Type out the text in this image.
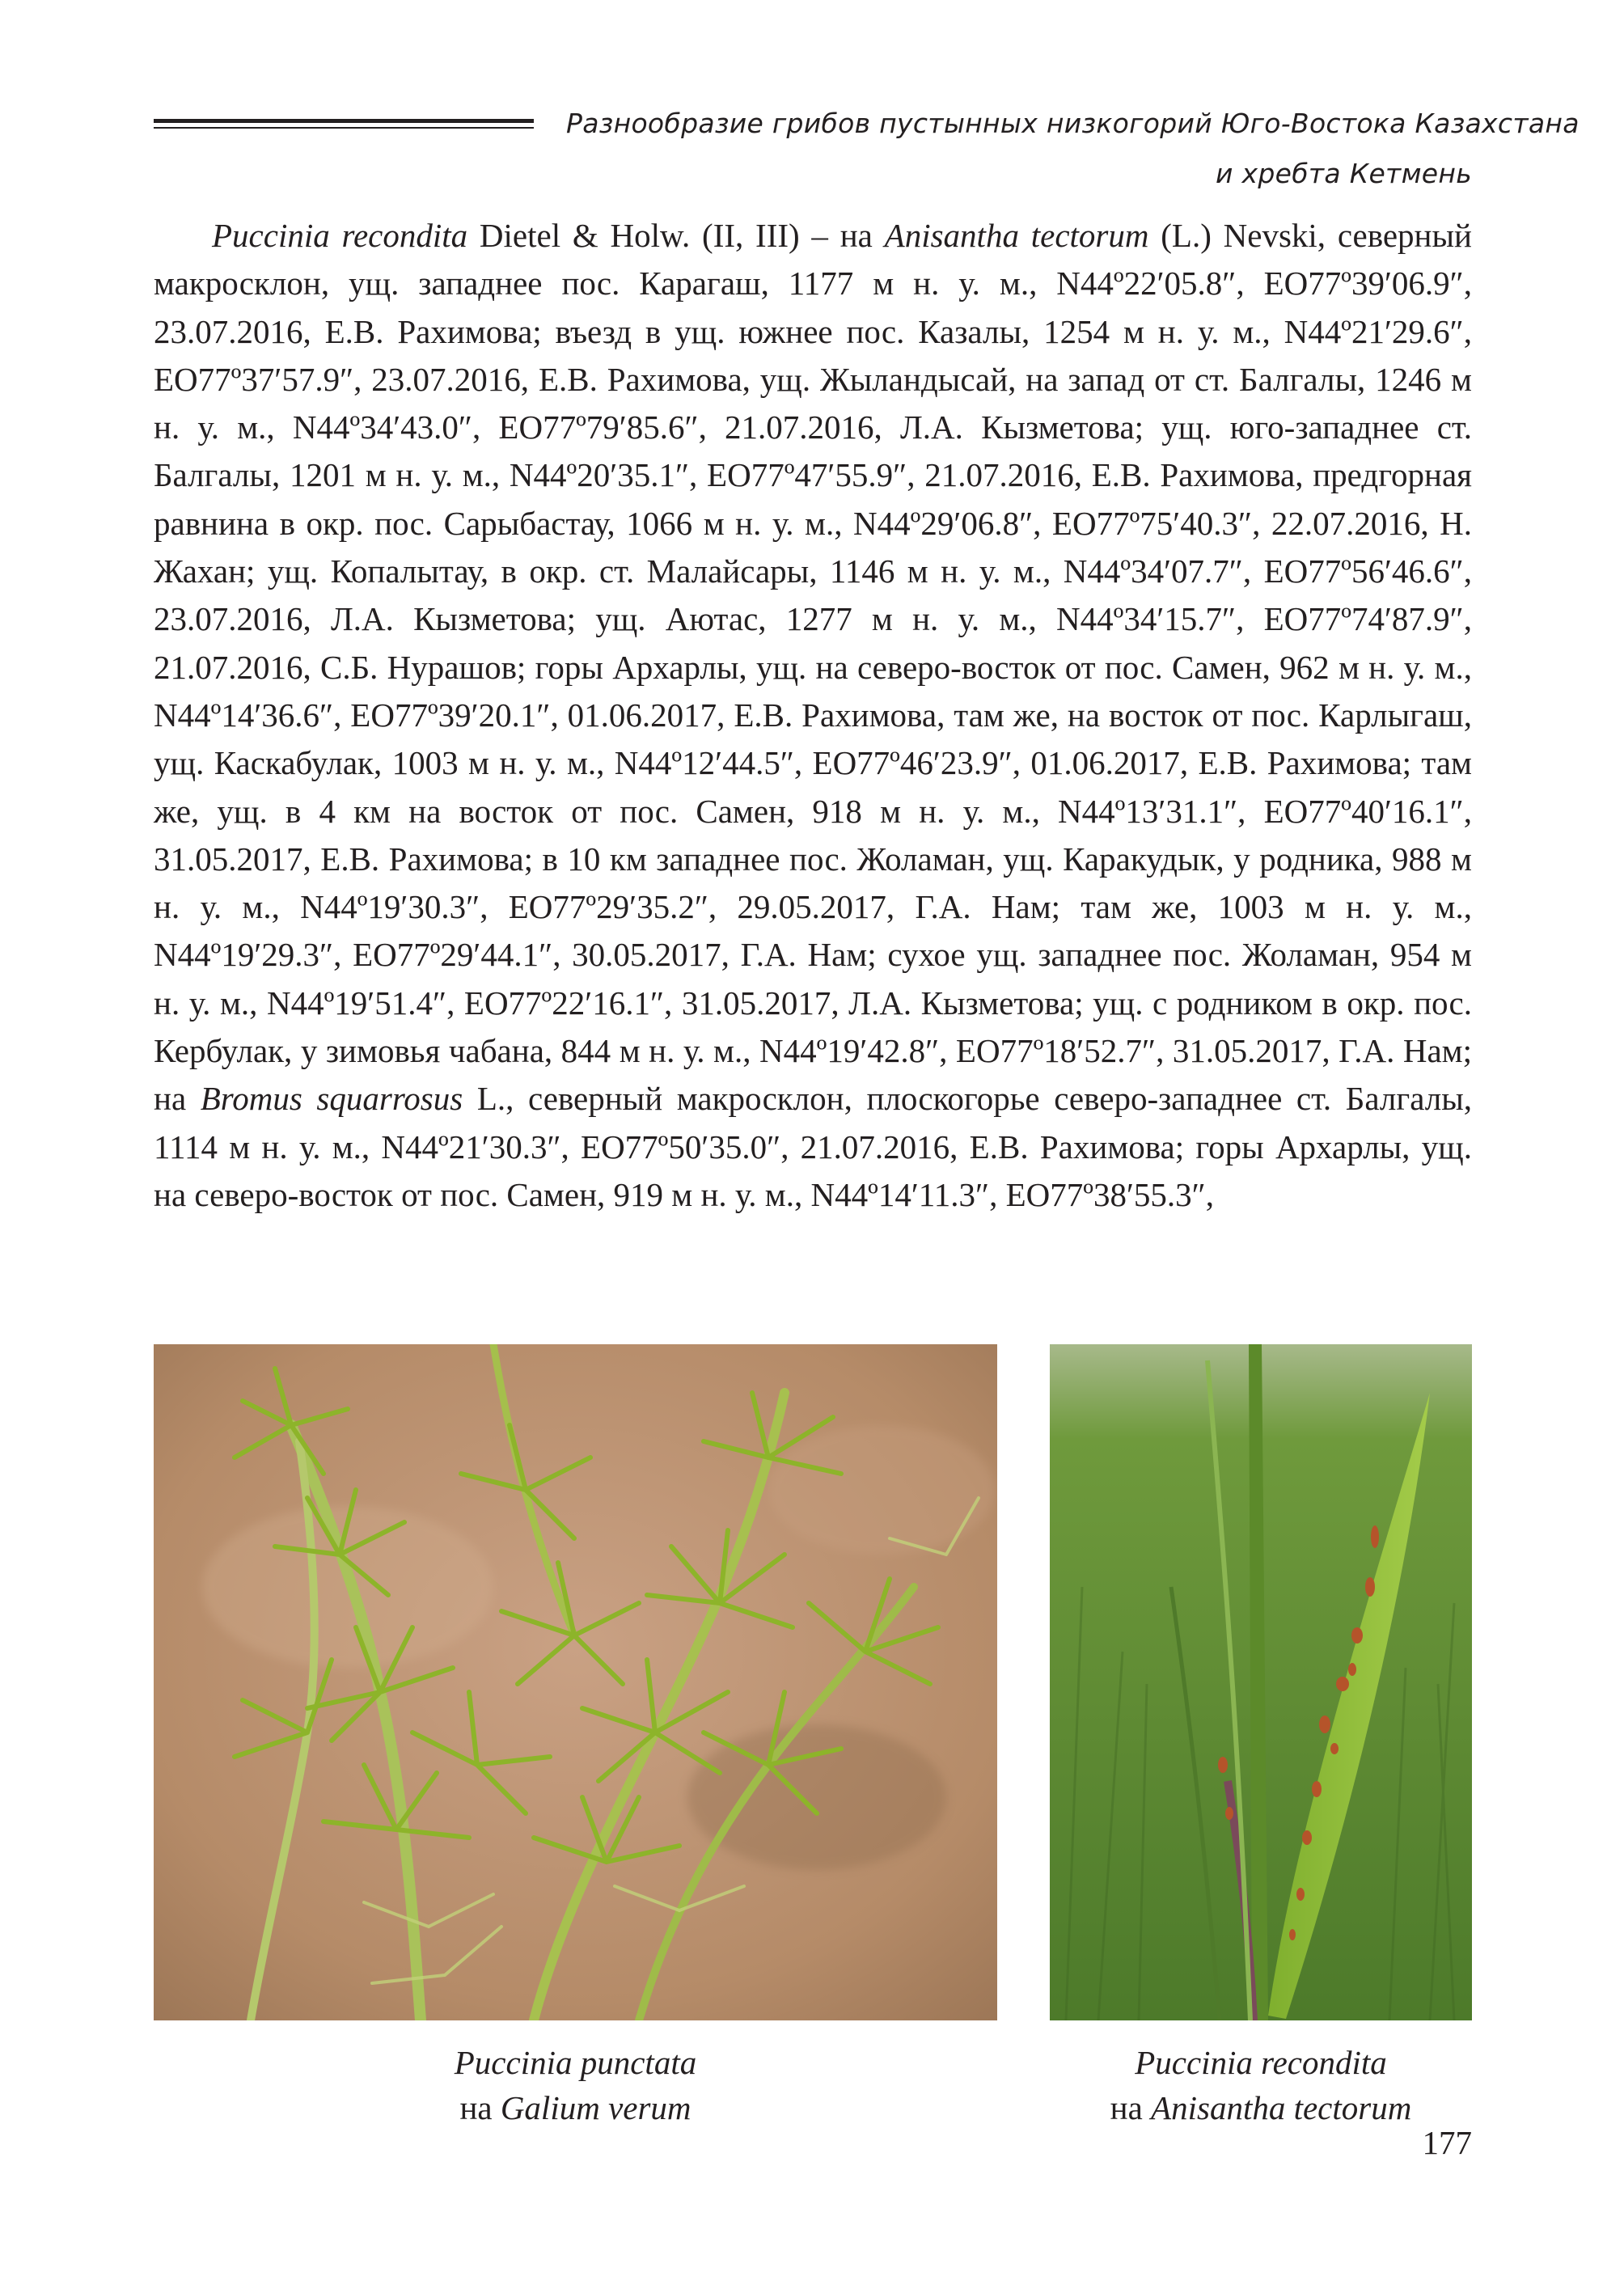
Разнообразие грибов пустынных низкогорий Юго-Востока Казахстана
и хребта Кетмень

Puccinia recondita Dietel & Holw. (II, III) – на Anisantha tectorum (L.) Nevski, северный макросклон, ущ. западнее пос. Карагаш, 1177 м н. у. м., N44º22′05.8″, ЕО77º39′06.9″, 23.07.2016, Е.В. Рахимова; въезд в ущ. южнее пос. Казалы, 1254 м н. у. м., N44º21′29.6″, ЕО77º37′57.9″, 23.07.2016, Е.В. Рахимова, ущ. Жыландысай, на запад от ст. Балгалы, 1246 м н. у. м., N44º34′43.0″, ЕО77º79′85.6″, 21.07.2016, Л.А. Кызметова; ущ. юго-западнее ст. Балгалы, 1201 м н. у. м., N44º20′35.1″, ЕО77º47′55.9″, 21.07.2016, Е.В. Рахимова, предгорная равнина в окр. пос. Сарыбастау, 1066 м н. у. м., N44º29′06.8″, ЕО77º75′40.3″, 22.07.2016, Н. Жахан; ущ. Копалытау, в окр. ст. Малайсары, 1146 м н. у. м., N44º34′07.7″, ЕО77º56′46.6″, 23.07.2016, Л.А. Кызметова; ущ. Аютас, 1277 м н. у. м., N44º34′15.7″, ЕО77º74′87.9″, 21.07.2016, С.Б. Нурашов; горы Архарлы, ущ. на северо-восток от пос. Самен, 962 м н. у. м., N44º14′36.6″, ЕО77º39′20.1″, 01.06.2017, Е.В. Рахимова, там же, на восток от пос. Карлыгаш, ущ. Каскабулак, 1003 м н. у. м., N44º12′44.5″, ЕО77º46′23.9″, 01.06.2017, Е.В. Рахимова; там же, ущ. в 4 км на восток от пос. Самен, 918 м н. у. м., N44º13′31.1″, ЕО77º40′16.1″, 31.05.2017, Е.В. Рахимова; в 10 км западнее пос. Жоламан, ущ. Каракудык, у родника, 988 м н. у. м., N44º19′30.3″, ЕО77º29′35.2″, 29.05.2017, Г.А. Нам; там же, 1003 м н. у. м., N44º19′29.3″, ЕО77º29′44.1″, 30.05.2017, Г.А. Нам; сухое ущ. западнее пос. Жоламан, 954 м н. у. м., N44º19′51.4″, ЕО77º22′16.1″, 31.05.2017, Л.А. Кызметова; ущ. с родником в окр. пос. Кербулак, у зимовья чабана, 844 м н. у. м., N44º19′42.8″, ЕО77º18′52.7″, 31.05.2017, Г.А. Нам; на Bromus squarrosus L., северный макросклон, плоскогорье северо-западнее ст. Балгалы, 1114 м н. у. м., N44º21′30.3″, ЕО77º50′35.0″, 21.07.2016, Е.В. Рахимова; горы Архарлы, ущ. на северо-восток от пос. Самен, 919 м н. у. м., N44º14′11.3″, ЕО77º38′55.3″,

Puccinia punctata
на Galium verum
Puccinia recondita
на Anisantha tectorum
177
